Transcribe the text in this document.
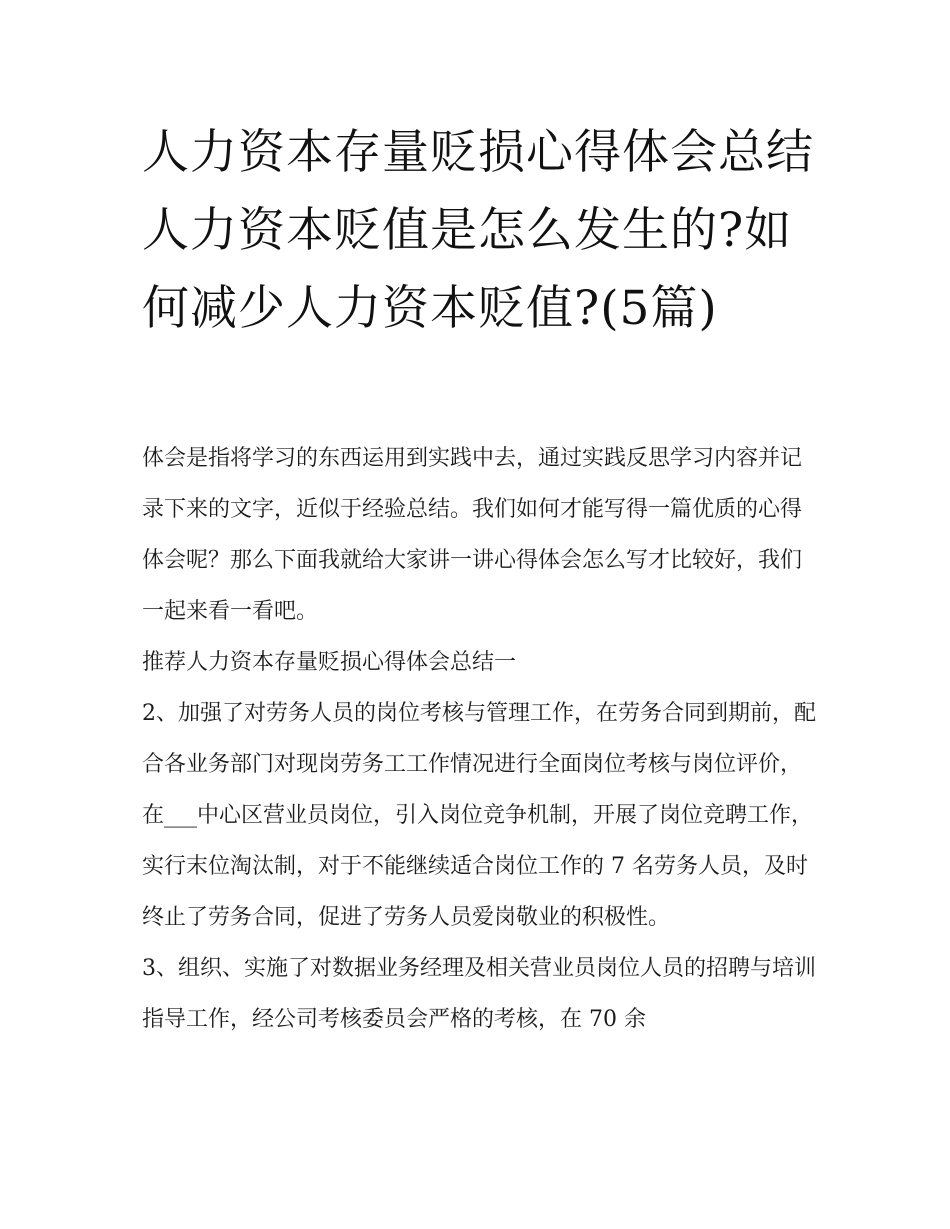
人力资本存量贬损心得体会总结 人力资本贬值是怎么发生的?如何减少人力资本贬值?(5篇)

体会是指将学习的东西运用到实践中去，通过实践反思学习内容并记录下来的文字，近似于经验总结。我们如何才能写得一篇优质的心得体会呢？那么下面我就给大家讲一讲心得体会怎么写才比较好，我们一起来看一看吧。

推荐人力资本存量贬损心得体会总结一

2、加强了对劳务人员的岗位考核与管理工作，在劳务合同到期前，配合各业务部门对现岗劳务工工作情况进行全面岗位考核与岗位评价，在___中心区营业员岗位，引入岗位竞争机制，开展了岗位竞聘工作，实行末位淘汰制，对于不能继续适合岗位工作的 7 名劳务人员，及时终止了劳务合同，促进了劳务人员爱岗敬业的积极性。

3、组织、实施了对数据业务经理及相关营业员岗位人员的招聘与培训指导工作，经公司考核委员会严格的考核，在 70 余
